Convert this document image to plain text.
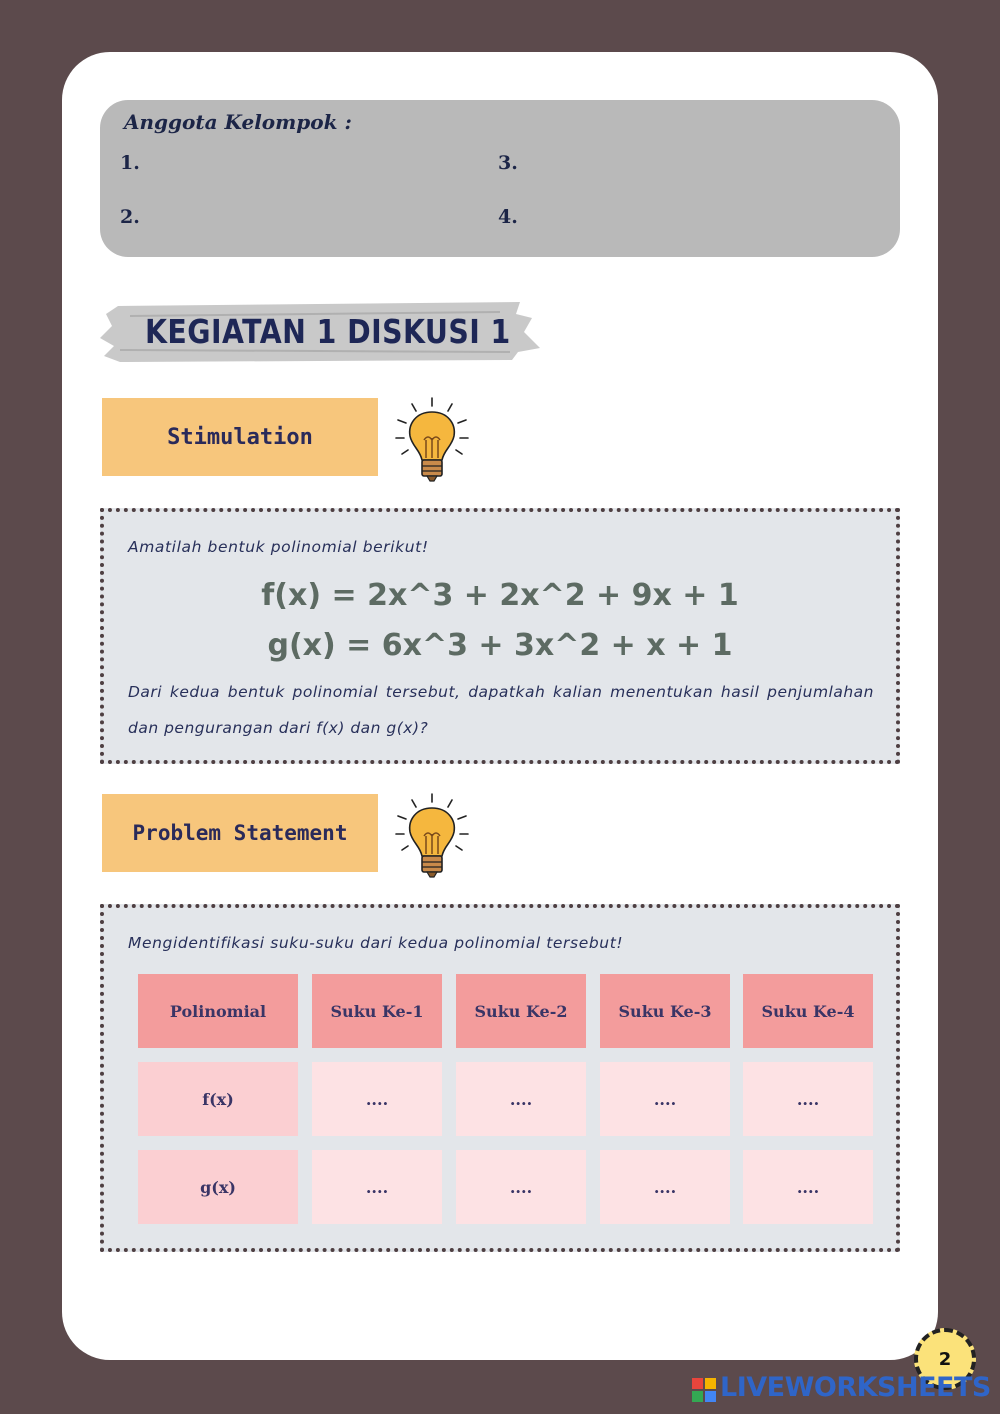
Anggota Kelompok :
1.
2.
3.
4.
KEGIATAN 1 DISKUSI 1
Stimulation
Amatilah bentuk polinomial berikut!
f(x) = 2x^3 + 2x^2 + 9x + 1
g(x) = 6x^3 + 3x^2 + x + 1
Dari kedua bentuk polinomial tersebut, dapatkah kalian menentukan hasil penjumlahan dan pengurangan dari f(x) dan g(x)?
Problem Statement
Mengidentifikasi suku-suku dari kedua polinomial tersebut!
Polinomial	Suku Ke-1	Suku Ke-2	Suku Ke-3	Suku Ke-4
f(x)	....	....	....	....
g(x)	....	....	....	....
2
LIVEWORKSHEETS
